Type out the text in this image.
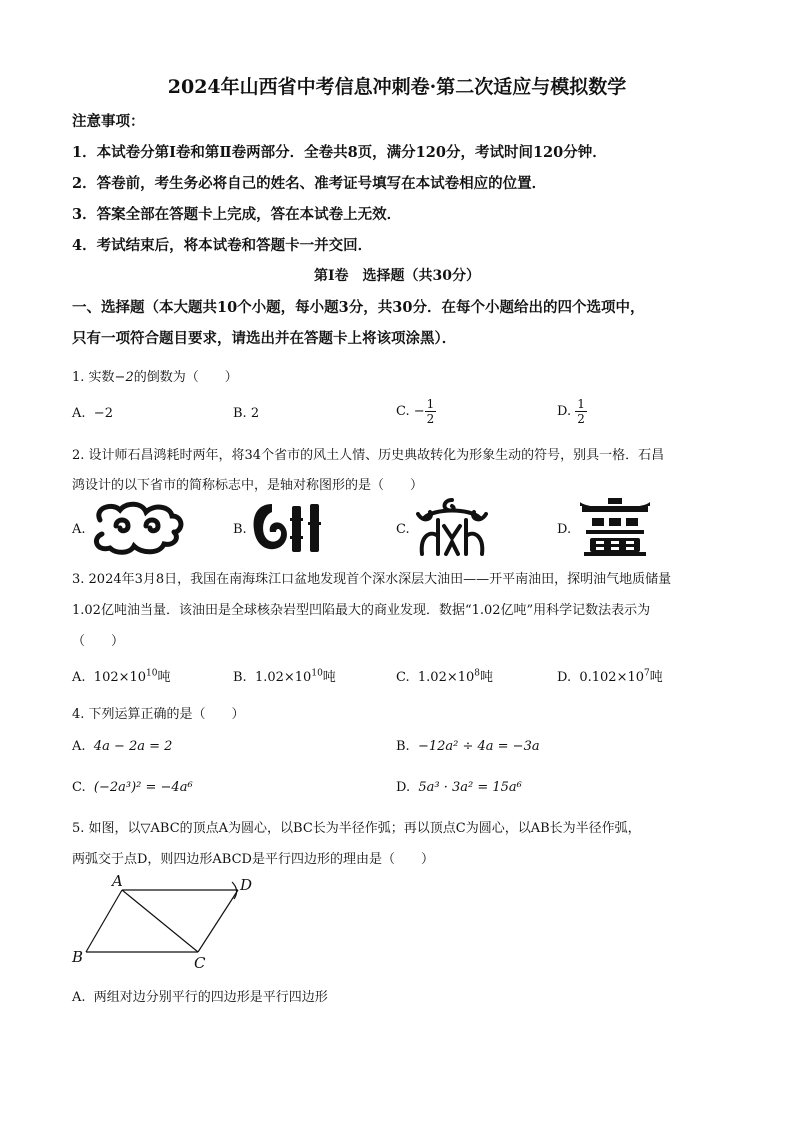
2024年山西省中考信息冲刺卷·第二次适应与模拟数学
注意事项：
1．本试卷分第Ⅰ卷和第Ⅱ卷两部分．全卷共8页，满分120分，考试时间120分钟．
2．答卷前，考生务必将自己的姓名、准考证号填写在本试卷相应的位置．
3．答案全部在答题卡上完成，答在本试卷上无效．
4．考试结束后，将本试卷和答题卡一并交回．
第Ⅰ卷　选择题（共30分）
一、选择题（本大题共10个小题，每小题3分，共30分．在每个小题给出的四个选项中，
只有一项符合题目要求，请选出并在答题卡上将该项涂黑）．
1. 实数−2的倒数为（　　）
A. −2	B. 2	C. − $\frac{1}{2}$	D. $\frac{1}{2}$
2. 设计师石昌鸿耗时两年，将34个省市的风土人情、历史典故转化为形象生动的符号，别具一格．石昌
鸿设计的以下省市的简称标志中，是轴对称图形的是（　　）
A.	B.	C.	D.
3. 2024年3月8日，我国在南海珠江口盆地发现首个深水深层大油田——开平南油田，探明油气地质储量
1.02亿吨油当量．该油田是全球核杂岩型凹陷最大的商业发现．数据“1.02亿吨”用科学记数法表示为
（　　）
A. $102\times 10^{10}$吨	B. $1.02\times 10^{10}$吨	C. $1.02\times 10^8$吨	D. $0.102\times 10^7$吨
4. 下列运算正确的是（　　）
A. 4a − 2a = 2	B. −12a² ÷ 4a = −3a
C. (−2a³)² = −4a⁶	D. 5a³ · 3a² = 15a⁶
5. 如图，以▽ABC的顶点A为圆心，以BC长为半径作弧；再以顶点C为圆心，以AB长为半径作弧，
两弧交于点D，则四边形ABCD是平行四边形的理由是（　　）
A	D
B	C
A. 两组对边分别平行的四边形是平行四边形
